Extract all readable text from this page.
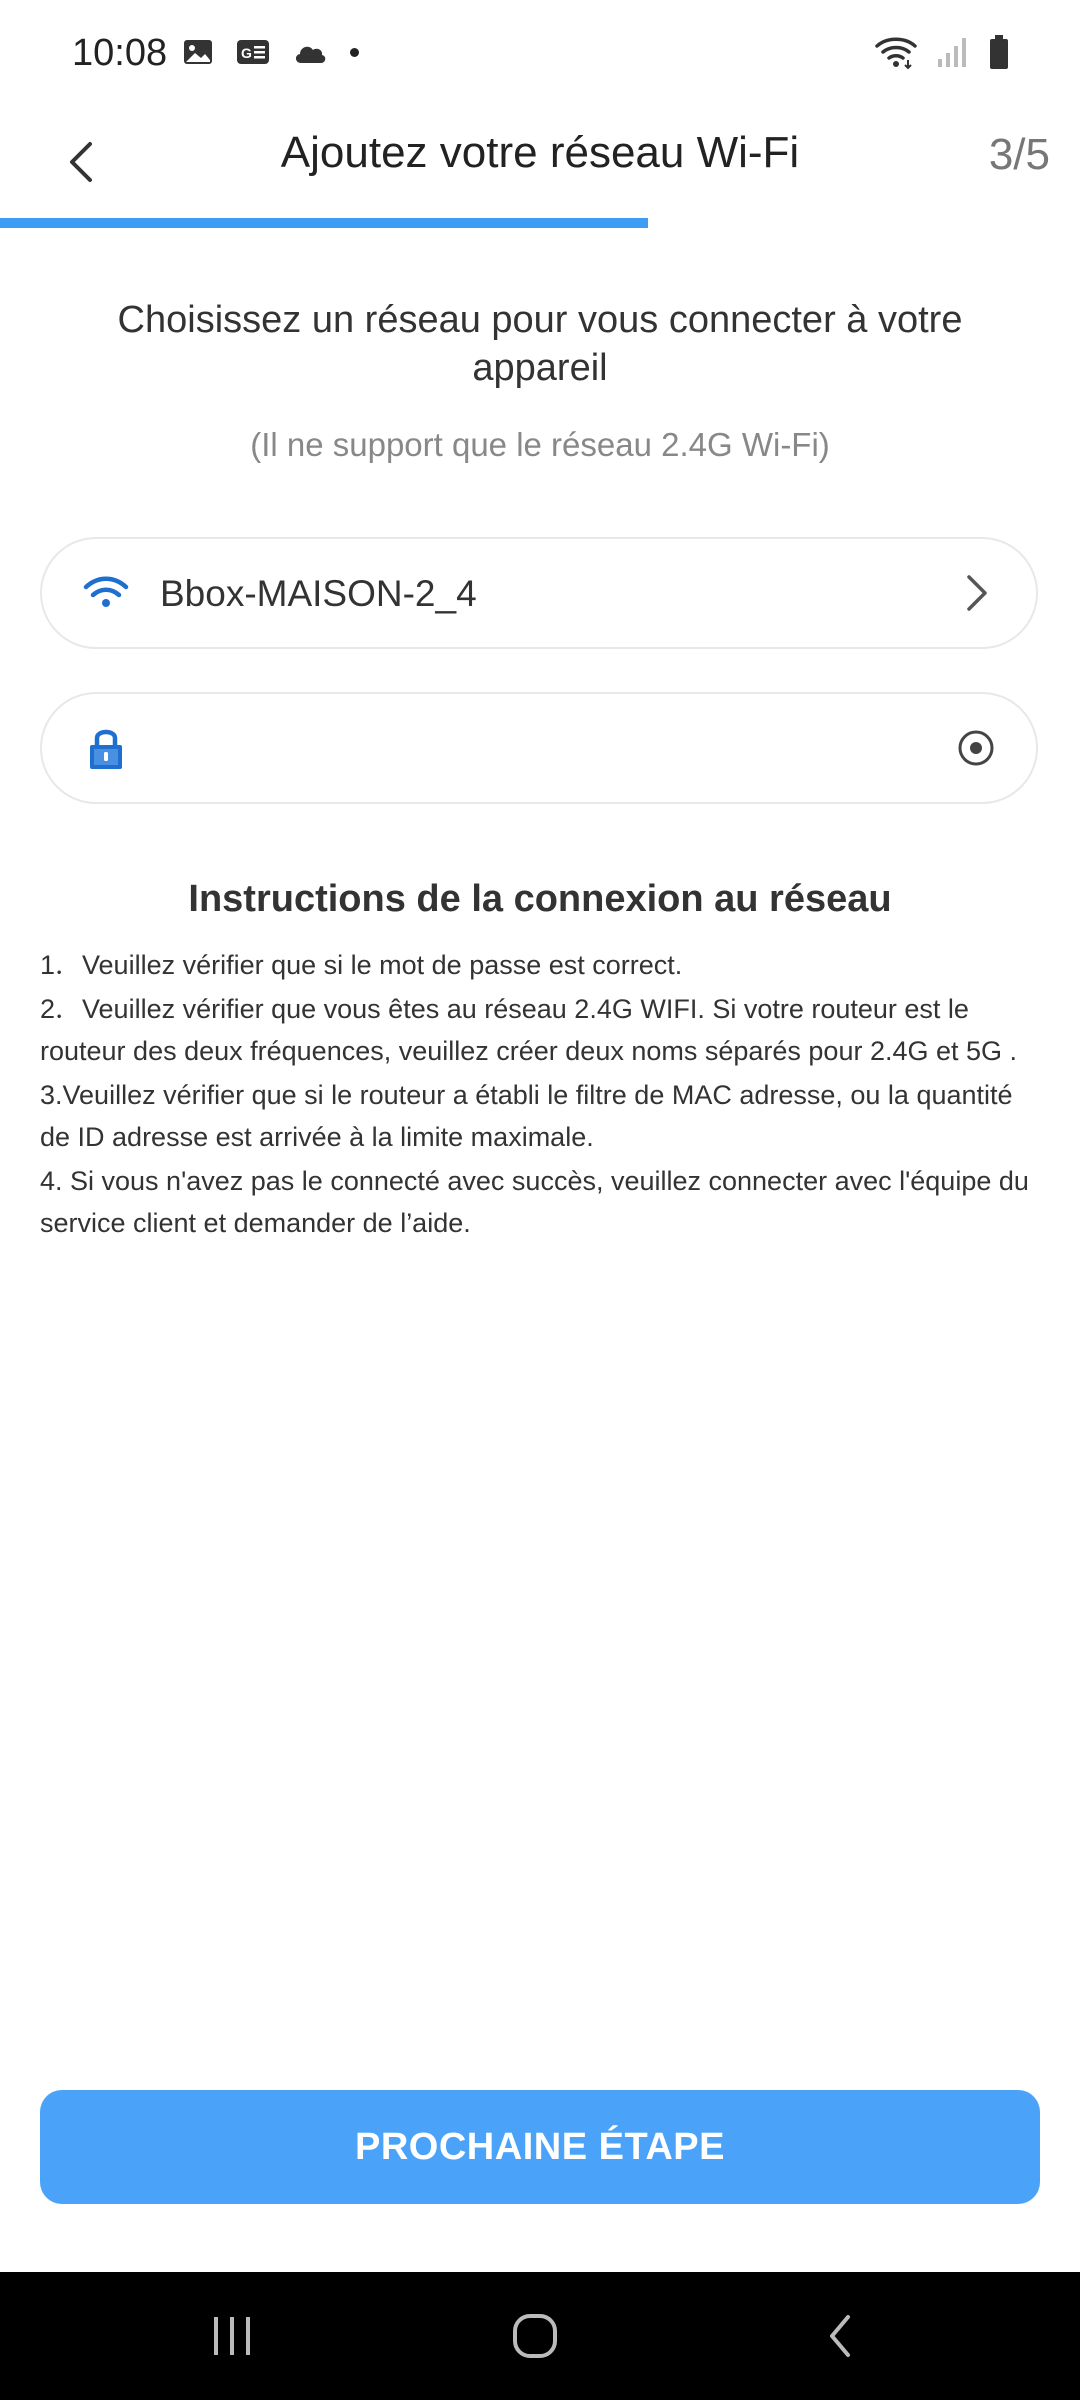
10:08	G
Ajoutez votre réseau Wi-Fi	3/5
Choisissez un réseau pour vous connecter à votre appareil
(Il ne support que le réseau 2.4G Wi-Fi)
Bbox-MAISON-2_4
Instructions de la connexion au réseau

1．Veuillez vérifier que si le mot de passe est correct.

2．Veuillez vérifier que vous êtes au réseau 2.4G WIFI. Si votre routeur est le routeur des deux fréquences, veuillez créer deux noms séparés pour 2.4G et 5G .

3.Veuillez vérifier que si le routeur a établi le filtre de MAC adresse, ou la quantité de ID adresse est arrivée à la limite maximale.

4. Si vous n'avez pas le connecté avec succès, veuillez connecter avec l'équipe du service client et demander de l’aide.

PROCHAINE ÉTAPE
